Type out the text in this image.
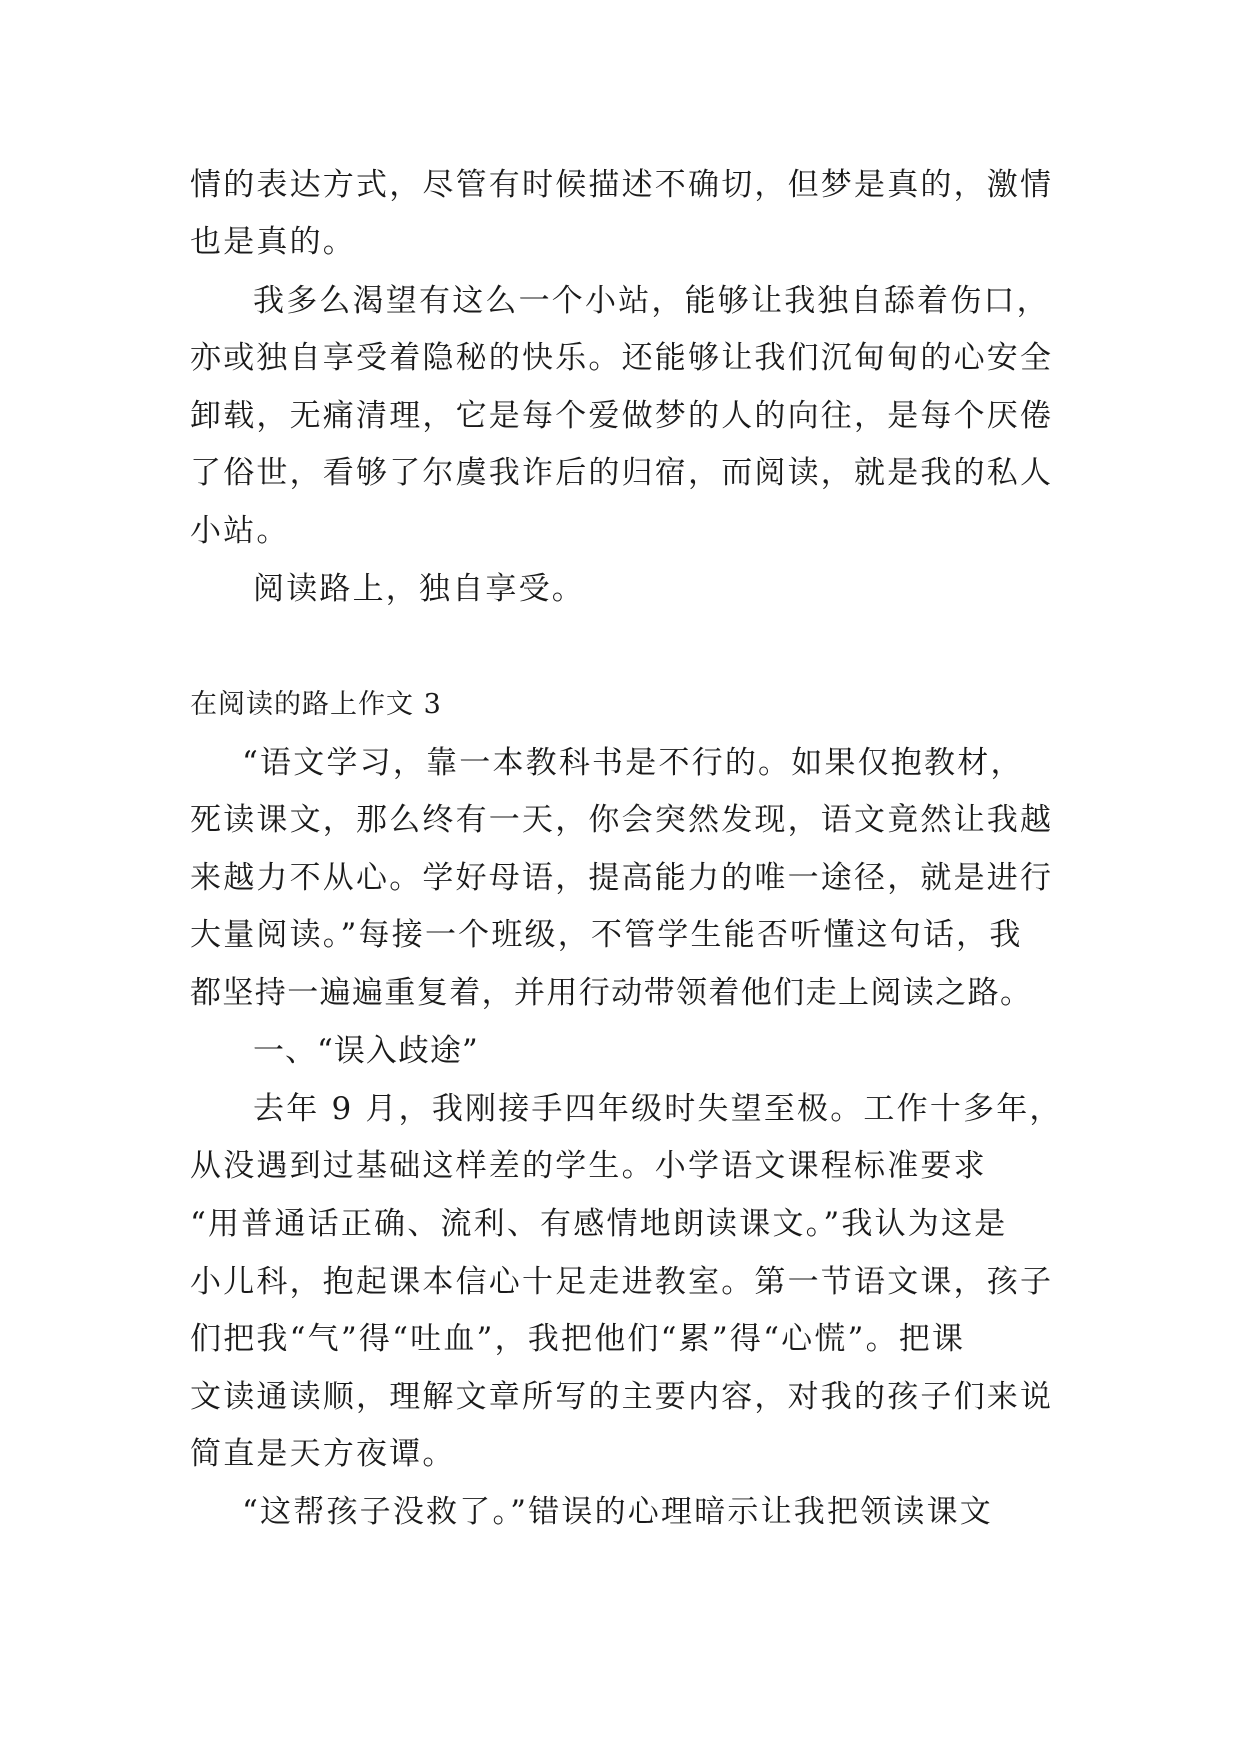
情的表达方式，尽管有时候描述不确切，但梦是真的，激情
也是真的。
我多么渴望有这么一个小站，能够让我独自舔着伤口，
亦或独自享受着隐秘的快乐。还能够让我们沉甸甸的心安全
卸载，无痛清理，它是每个爱做梦的人的向往，是每个厌倦
了俗世，看够了尔虞我诈后的归宿，而阅读，就是我的私人
小站。
阅读路上，独自享受。
在阅读的路上作文 3
“语文学习，靠一本教科书是不行的。如果仅抱教材，
死读课文，那么终有一天，你会突然发现，语文竟然让我越
来越力不从心。学好母语，提高能力的唯一途径，就是进行
大量阅读。”每接一个班级，不管学生能否听懂这句话，我
都坚持一遍遍重复着，并用行动带领着他们走上阅读之路。
一、“误入歧途”
去年 9 月，我刚接手四年级时失望至极。工作十多年，
从没遇到过基础这样差的学生。小学语文课程标准要求
“用普通话正确、流利、有感情地朗读课文。”我认为这是
小儿科，抱起课本信心十足走进教室。第一节语文课，孩子
们把我“气”得“吐血”，我把他们“累”得“心慌”。把课
文读通读顺，理解文章所写的主要内容，对我的孩子们来说
简直是天方夜谭。
“这帮孩子没救了。”错误的心理暗示让我把领读课文
